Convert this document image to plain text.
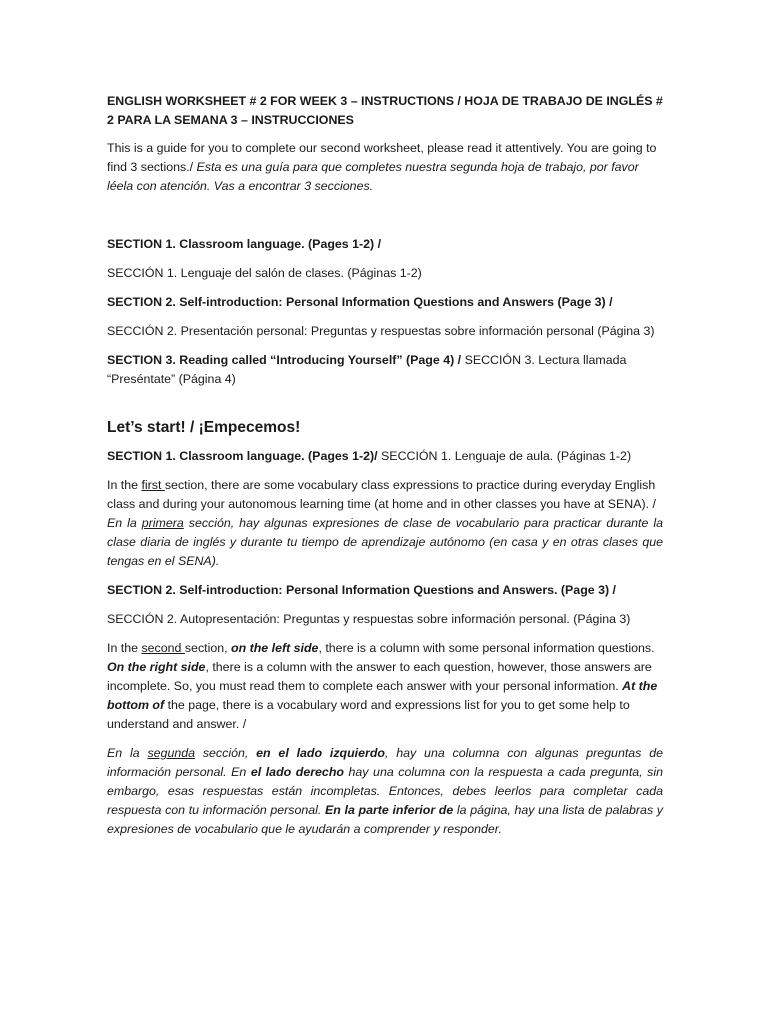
ENGLISH WORKSHEET # 2 FOR WEEK 3 – INSTRUCTIONS / HOJA DE TRABAJO DE INGLÉS # 2 PARA LA SEMANA 3 – INSTRUCCIONES

This is a guide for you to complete our second worksheet, please read it attentively. You are going to find 3 sections./ Esta es una guía para que completes nuestra segunda hoja de trabajo, por favor léela con atención. Vas a encontrar 3 secciones.

SECTION 1. Classroom language. (Pages 1-2) /

SECCIÓN 1. Lenguaje del salón de clases. (Páginas 1-2)

SECTION 2. Self-introduction: Personal Information Questions and Answers (Page 3) /

SECCIÓN 2. Presentación personal: Preguntas y respuestas sobre información personal (Página 3)

SECTION 3. Reading called “Introducing Yourself” (Page 4) / SECCIÓN 3. Lectura llamada “Preséntate” (Página 4)

Let’s start! / ¡Empecemos!

SECTION 1. Classroom language. (Pages 1-2)/ SECCIÓN 1. Lenguaje de aula. (Páginas 1-2)

In the first section, there are some vocabulary class expressions to practice during everyday English class and during your autonomous learning time (at home and in other classes you have at SENA). /

En la primera sección, hay algunas expresiones de clase de vocabulario para practicar durante la clase diaria de inglés y durante tu tiempo de aprendizaje autónomo (en casa y en otras clases que tengas en el SENA).

SECTION 2. Self-introduction: Personal Information Questions and Answers. (Page 3) /

SECCIÓN 2. Autopresentación: Preguntas y respuestas sobre información personal. (Página 3)

In the second section, on the left side, there is a column with some personal information questions. On the right side, there is a column with the answer to each question, however, those answers are incomplete. So, you must read them to complete each answer with your personal information. At the bottom of the page, there is a vocabulary word and expressions list for you to get some help to understand and answer. /

En la segunda sección, en el lado izquierdo, hay una columna con algunas preguntas de información personal. En el lado derecho hay una columna con la respuesta a cada pregunta, sin embargo, esas respuestas están incompletas. Entonces, debes leerlos para completar cada respuesta con tu información personal. En la parte inferior de la página, hay una lista de palabras y expresiones de vocabulario que le ayudarán a comprender y responder.
